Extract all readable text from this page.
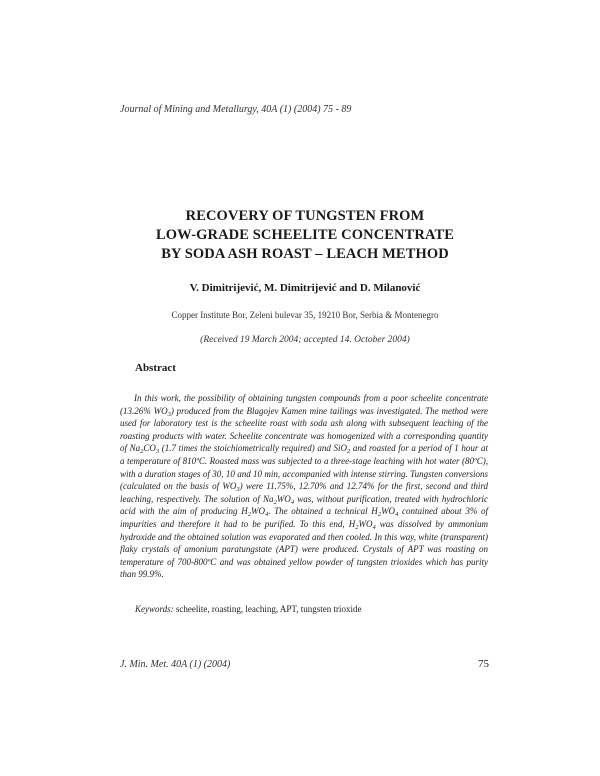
Journal of Mining and Metallurgy, 40A (1) (2004) 75 - 89
RECOVERY OF TUNGSTEN FROM
LOW-GRADE SCHEELITE CONCENTRATE
BY SODA ASH ROAST – LEACH METHOD
V. Dimitrijević, M. Dimitrijević and D. Milanović
Copper Institute Bor, Zeleni bulevar 35, 19210 Bor, Serbia & Montenegro
(Received 19 March 2004; accepted 14. October 2004)
Abstract
In this work, the possibility of obtaining tungsten compounds from a poor scheelite concentrate (13.26% $WO_3$) produced from the Blagojev Kamen mine tailings was investigated. The method were used for laboratory test is the scheelite roast with soda ash along with subsequent leaching of the roasting products with water. Scheelite concentrate was homogenized with a corresponding quantity of $Na_2CO_3$ (1.7 times the stoichiometrically required) and SiO$_2$ and roasted for a period of 1 hour at a temperature of 810ºC. Roasted mass was subjected to a three-stage leaching with hot water (80ºC), with a duration stages of 30, 10 and 10 min, accompanied with intense stirring. Tungsten conversions (calculated on the basis of $WO_3$) were 11.75%, 12.70% and 12.74% for the first, second and third leaching, respectively. The solution of $Na_2WO_4$ was, without purification, treated with hydrochloric acid with the aim of producing $H_2WO_4$. The obtained a technical $H_2WO_4$ contained about 3% of impurities and therefore it had to be purified. To this end, $H_2WO_4$ was dissolved by ammonium hydroxide and the obtained solution was evaporated and then cooled. In this way, white (transparent) flaky crystals of amonium paratungstate (APT) were produced. Crystals of APT was roasting on temperature of 700-800ºC and was obtained yellow powder of tungsten trioxides which has purity than 99.9%.
Keywords: scheelite, roasting, leaching, APT, tungsten trioxide
J. Min. Met. 40A (1) (2004)	75
